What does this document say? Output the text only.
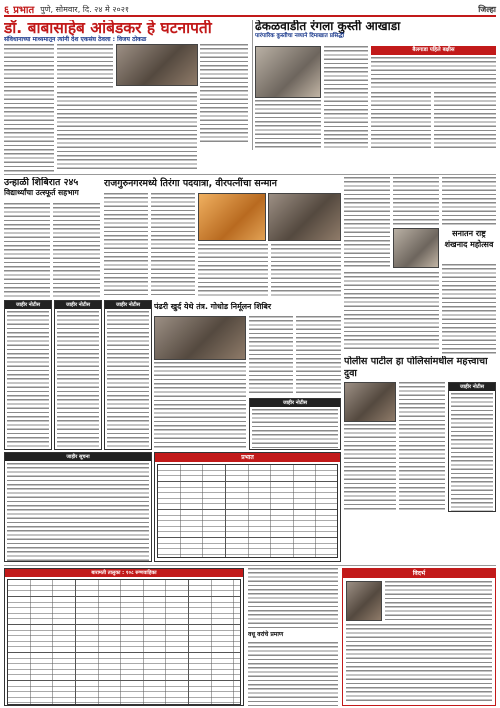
६ प्रभात पुणे, सोमवार, दि. २४ मे २०२१	जिल्हा
डॉ. बाबासाहेब आंबेडकर हे घटनापती
संविधानाच्या माध्यमातून त्यांनी देश एकसंघ ठेवला : विजय ठोकळ
ढेकळवाडीत रंगला कुस्ती आखाडा
पारंपारिक कुस्तीचा नव्याने दिमाखात प्रसिद्धी
बैलगाडा पहिले बक्षीस
उन्हाळी शिबिरात २४५
विद्यार्थ्यांचा उत्स्फूर्त सहभाग
जाहीर नोटीस	जाहीर नोटीस	जाहीर नोटीस
जाहीर सूचना
राजगुरुनगरमध्ये तिरंगा पदयात्रा, वीरपत्नींचा सन्मान
पंढरी खुर्द येथे तंत्र. गोधोड निर्मूलन शिबिर
जाहीर नोटीस
सनातन राष्ट्र
शंखनाद महोत्सव
पोलीस पाटील हा पोलिसांमधील महत्त्वाचा दुवा
जाहीर नोटीस
प्रभात
बारामती तालुका : १०८ रुग्णवाहिका
वधू वरांचे प्रमाण
विदर्भ
